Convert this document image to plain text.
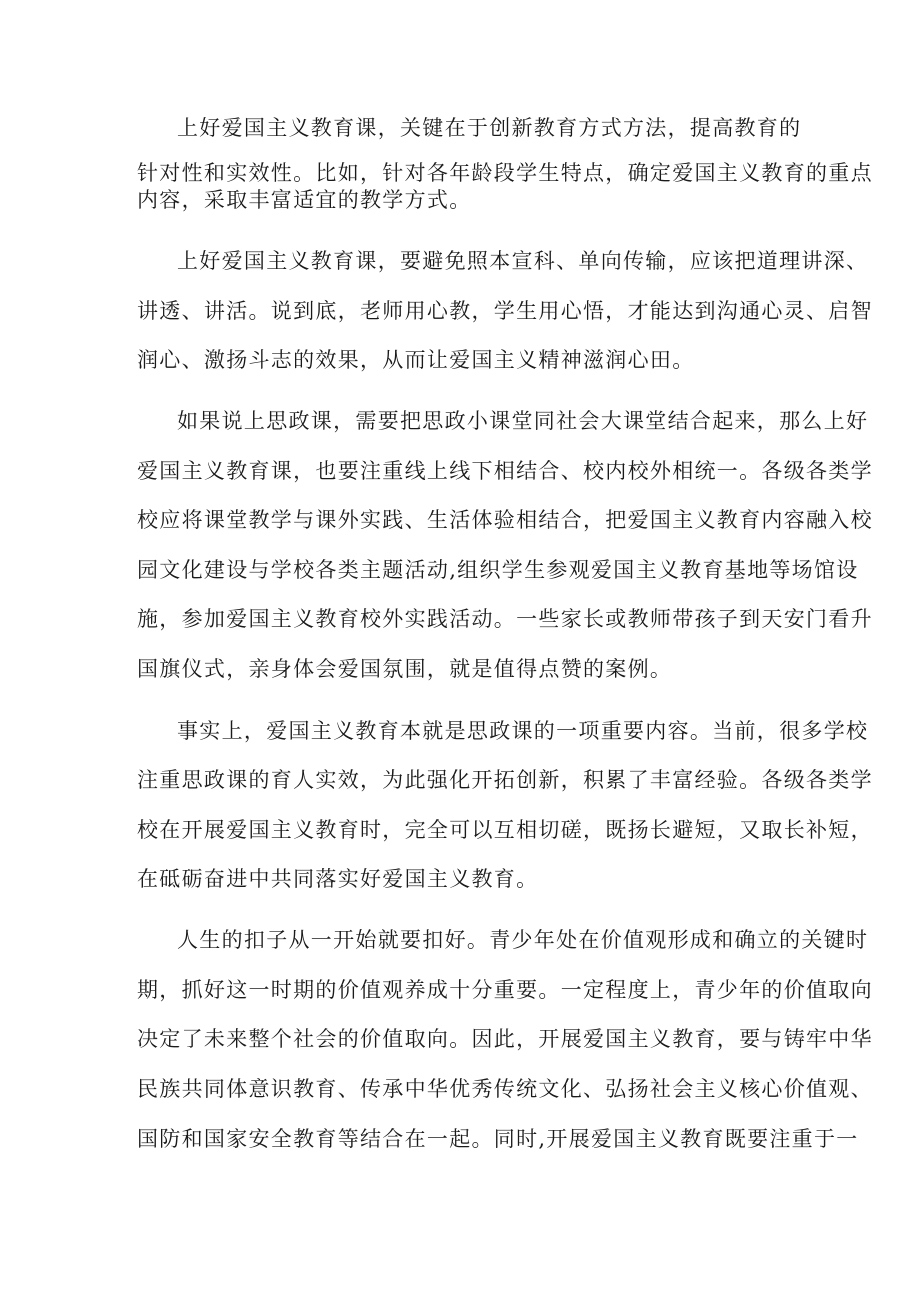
上好爱国主义教育课，关键在于创新教育方式方法，提高教育的
针对性和实效性。比如，针对各年龄段学生特点，确定爱国主义教育的重点
内容，采取丰富适宜的教学方式。
上好爱国主义教育课，要避免照本宣科、单向传输，应该把道理讲深、
讲透、讲活。说到底，老师用心教，学生用心悟，才能达到沟通心灵、启智
润心、激扬斗志的效果，从而让爱国主义精神滋润心田。
如果说上思政课，需要把思政小课堂同社会大课堂结合起来，那么上好
爱国主义教育课，也要注重线上线下相结合、校内校外相统一。各级各类学
校应将课堂教学与课外实践、生活体验相结合，把爱国主义教育内容融入校
园文化建设与学校各类主题活动,组织学生参观爱国主义教育基地等场馆设
施，参加爱国主义教育校外实践活动。一些家长或教师带孩子到天安门看升
国旗仪式，亲身体会爱国氛围，就是值得点赞的案例。
事实上，爱国主义教育本就是思政课的一项重要内容。当前，很多学校
注重思政课的育人实效，为此强化开拓创新，积累了丰富经验。各级各类学
校在开展爱国主义教育时，完全可以互相切磋，既扬长避短，又取长补短，
在砥砺奋进中共同落实好爱国主义教育。
人生的扣子从一开始就要扣好。青少年处在价值观形成和确立的关键时
期，抓好这一时期的价值观养成十分重要。一定程度上，青少年的价值取向
决定了未来整个社会的价值取向。因此，开展爱国主义教育，要与铸牢中华
民族共同体意识教育、传承中华优秀传统文化、弘扬社会主义核心价值观、
国防和国家安全教育等结合在一起。同时,开展爱国主义教育既要注重于一
